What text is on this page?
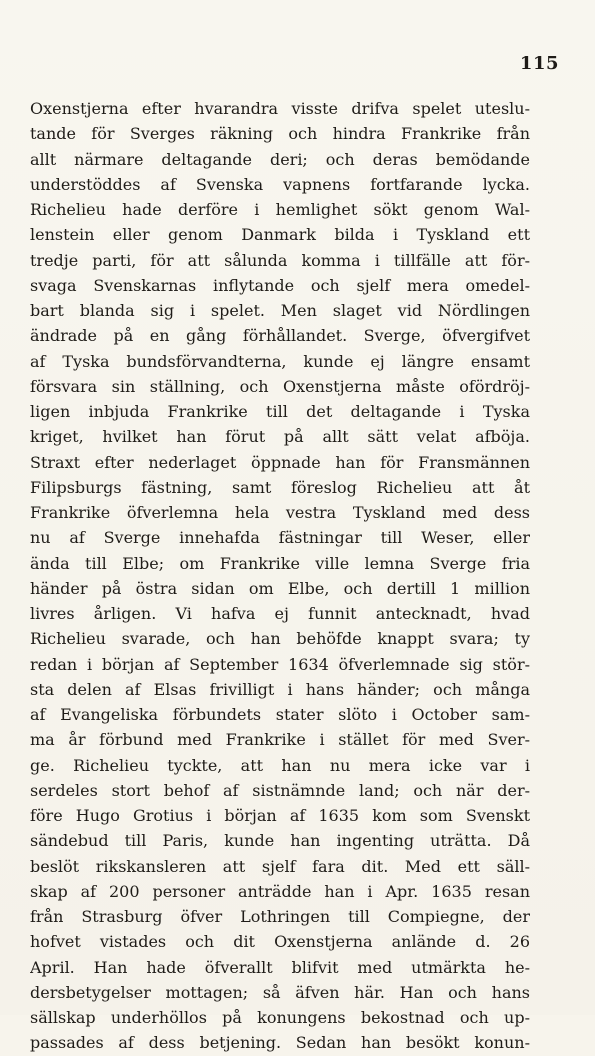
115
Oxenstjerna efter hvarandra visste drifva spelet uteslu-
tande för Sverges räkning och hindra Frankrike från
allt närmare deltagande deri; och deras bemödande
understöddes af Svenska vapnens fortfarande lycka.
Richelieu hade derföre i hemlighet sökt genom Wal-
lenstein eller genom Danmark bilda i Tyskland ett
tredje parti, för att sålunda komma i tillfälle att för-
svaga Svenskarnas inflytande och sjelf mera omedel-
bart blanda sig i spelet. Men slaget vid Nördlingen
ändrade på en gång förhållandet. Sverge, öfvergifvet
af Tyska bundsförvandterna, kunde ej längre ensamt
försvara sin ställning, och Oxenstjerna måste ofördröj-
ligen inbjuda Frankrike till det deltagande i Tyska
kriget, hvilket han förut på allt sätt velat afböja.
Straxt efter nederlaget öppnade han för Fransmännen
Filipsburgs fästning, samt föreslog Richelieu att åt
Frankrike öfverlemna hela vestra Tyskland med dess
nu af Sverge innehafda fästningar till Weser, eller
ända till Elbe; om Frankrike ville lemna Sverge fria
händer på östra sidan om Elbe, och dertill 1 million
livres årligen. Vi hafva ej funnit antecknadt, hvad
Richelieu svarade, och han behöfde knappt svara; ty
redan i början af September 1634 öfverlemnade sig stör-
sta delen af Elsas frivilligt i hans händer; och många
af Evangeliska förbundets stater slöto i October sam-
ma år förbund med Frankrike i stället för med Sver-
ge. Richelieu tyckte, att han nu mera icke var i
serdeles stort behof af sistnämnde land; och när der-
före Hugo Grotius i början af 1635 kom som Svenskt
sändebud till Paris, kunde han ingenting uträtta. Då
beslöt rikskansleren att sjelf fara dit. Med ett säll-
skap af 200 personer anträdde han i Apr. 1635 resan
från Strasburg öfver Lothringen till Compiegne, der
hofvet vistades och dit Oxenstjerna anlände d. 26
April. Han hade öfverallt blifvit med utmärkta he-
dersbetygelser mottagen; så äfven här. Han och hans
sällskap underhöllos på konungens bekostnad och up-
passades af dess betjening. Sedan han besökt konun-
